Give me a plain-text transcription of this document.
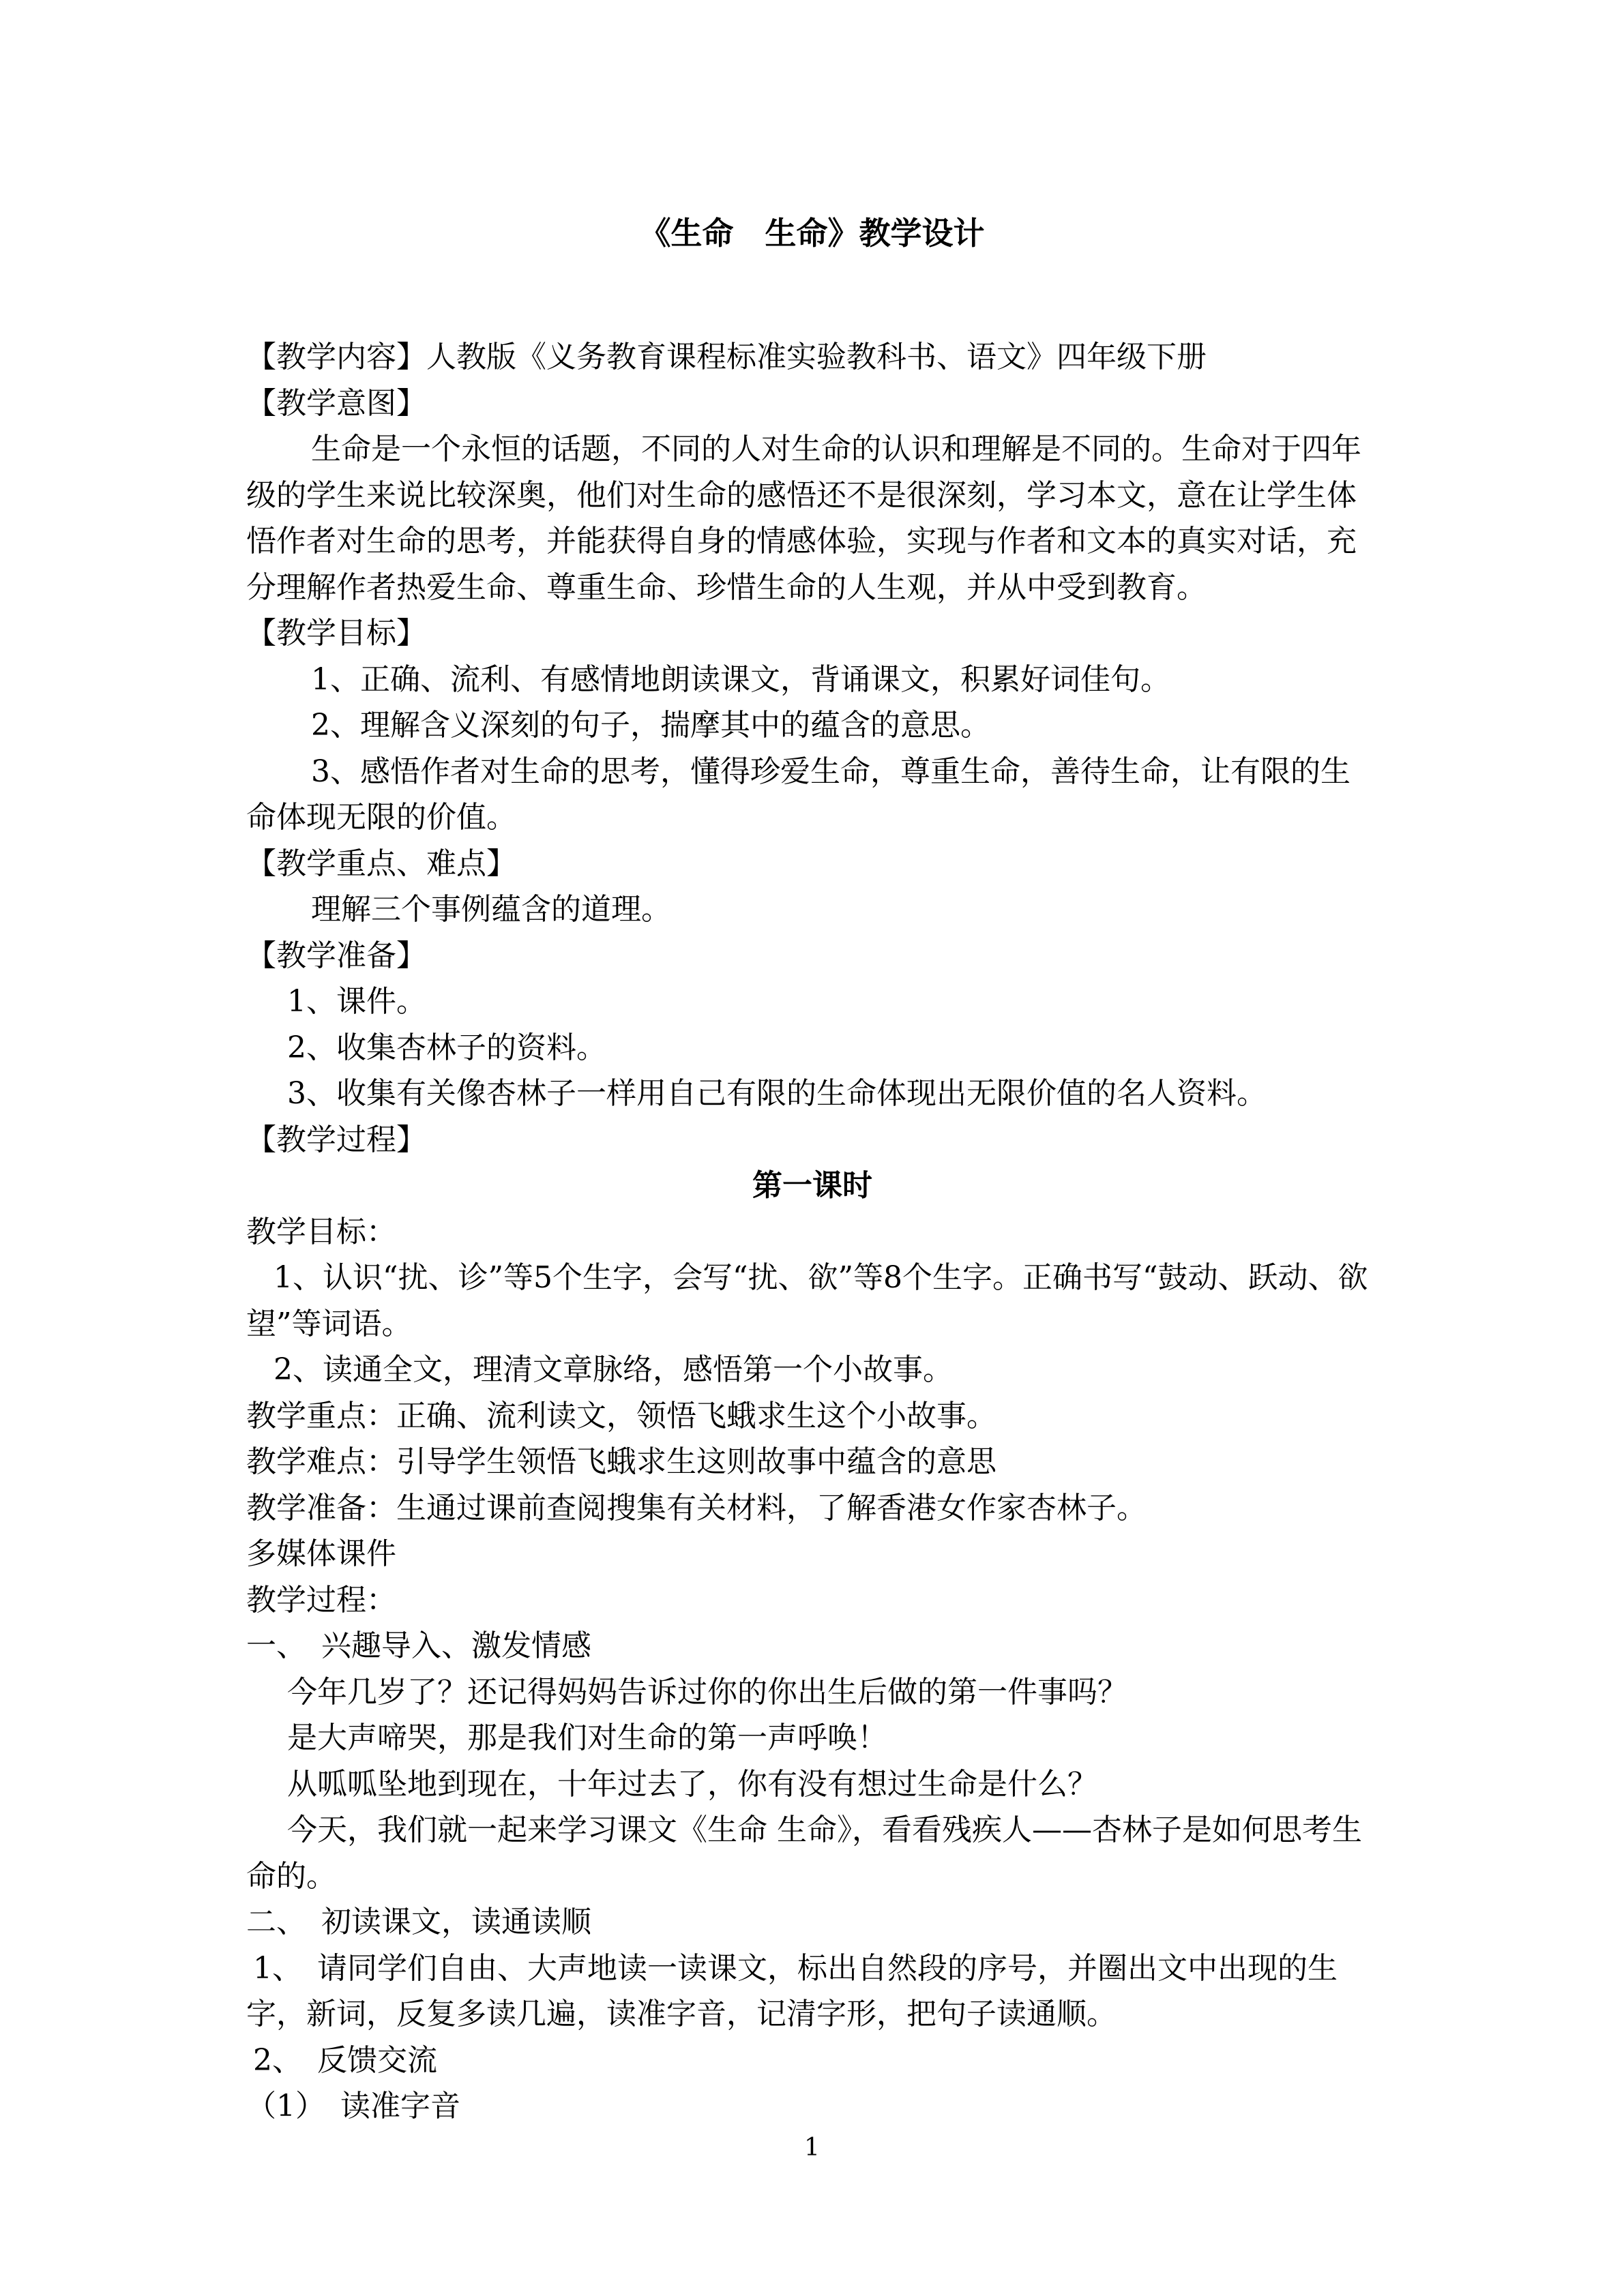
《生命　生命》教学设计

【教学内容】人教版《义务教育课程标准实验教科书、语文》四年级下册

【教学意图】

生命是一个永恒的话题，不同的人对生命的认识和理解是不同的。生命对于四年级的学生来说比较深奥，他们对生命的感悟还不是很深刻，学习本文，意在让学生体悟作者对生命的思考，并能获得自身的情感体验，实现与作者和文本的真实对话，充分理解作者热爱生命、尊重生命、珍惜生命的人生观，并从中受到教育。

【教学目标】

1、正确、流利、有感情地朗读课文，背诵课文，积累好词佳句。

2、理解含义深刻的句子，揣摩其中的蕴含的意思。

3、感悟作者对生命的思考，懂得珍爱生命，尊重生命，善待生命，让有限的生命体现无限的价值。

【教学重点、难点】

理解三个事例蕴含的道理。

【教学准备】

1、课件。

2、收集杏林子的资料。

3、收集有关像杏林子一样用自己有限的生命体现出无限价值的名人资料。

【教学过程】

第一课时

教学目标：

1、认识“扰、诊”等5个生字，会写“扰、欲”等8个生字。正确书写“鼓动、跃动、欲望”等词语。

2、读通全文，理清文章脉络，感悟第一个小故事。

教学重点：正确、流利读文，领悟飞蛾求生这个小故事。

教学难点：引导学生领悟飞蛾求生这则故事中蕴含的意思

教学准备：生通过课前查阅搜集有关材料，了解香港女作家杏林子。

多媒体课件

教学过程：

一、　兴趣导入、激发情感

今年几岁了？还记得妈妈告诉过你的你出生后做的第一件事吗？

是大声啼哭，那是我们对生命的第一声呼唤！

从呱呱坠地到现在，十年过去了，你有没有想过生命是什么？

今天，我们就一起来学习课文《生命 生命》，看看残疾人——杏林子是如何思考生命的。

二、　初读课文，读通读顺

1、　请同学们自由、大声地读一读课文，标出自然段的序号，并圈出文中出现的生字，新词，反复多读几遍，读准字音，记清字形，把句子读通顺。

2、　反馈交流

（1）　读准字音

1
